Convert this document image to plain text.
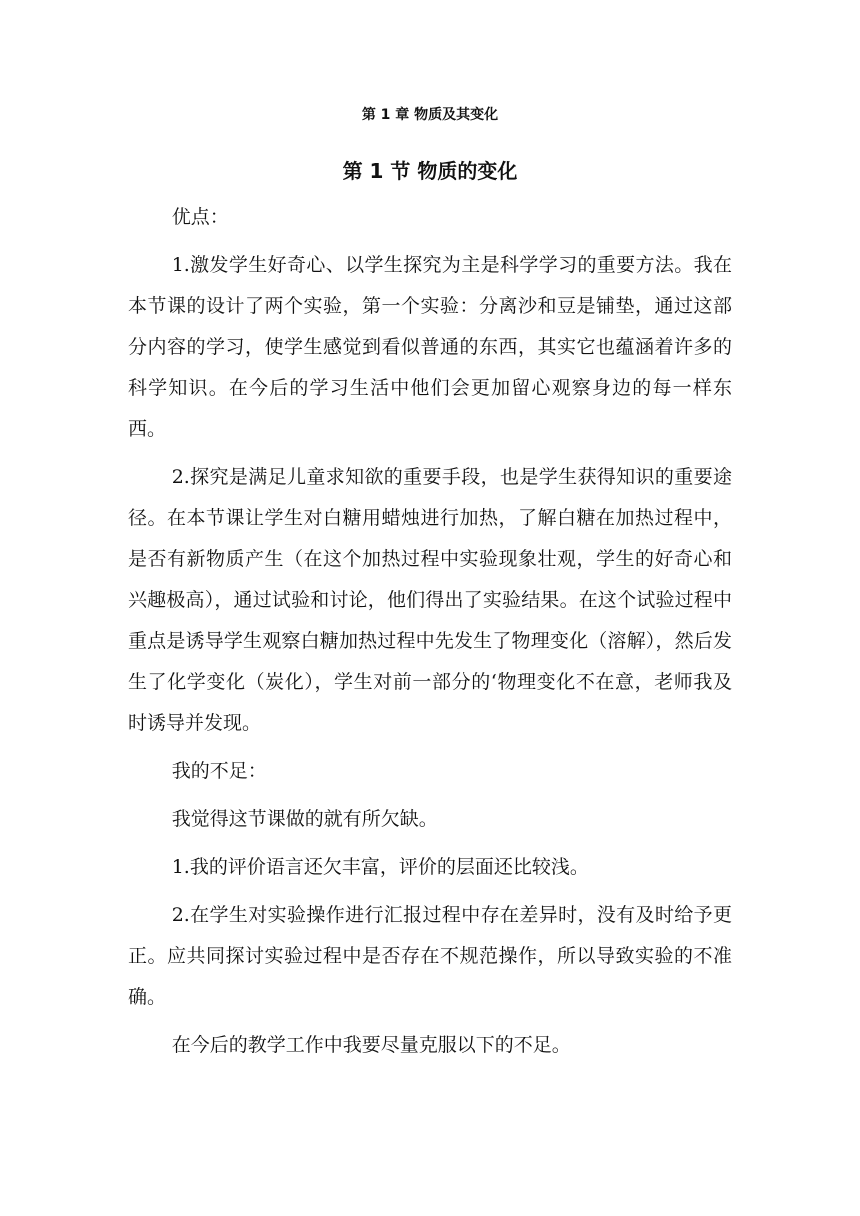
第 1 章 物质及其变化
第 1 节 物质的变化

优点：

1.激发学生好奇心、以学生探究为主是科学学习的重要方法。我在本节课的设计了两个实验，第一个实验：分离沙和豆是铺垫，通过这部分内容的学习，使学生感觉到看似普通的东西，其实它也蕴涵着许多的科学知识。在今后的学习生活中他们会更加留心观察身边的每一样东西。

2.探究是满足儿童求知欲的重要手段，也是学生获得知识的重要途径。在本节课让学生对白糖用蜡烛进行加热，了解白糖在加热过程中，是否有新物质产生（在这个加热过程中实验现象壮观，学生的好奇心和兴趣极高），通过试验和讨论，他们得出了实验结果。在这个试验过程中重点是诱导学生观察白糖加热过程中先发生了物理变化（溶解），然后发生了化学变化（炭化），学生对前一部分的‘物理变化不在意，老师我及时诱导并发现。

我的不足：

我觉得这节课做的就有所欠缺。

1.我的评价语言还欠丰富，评价的层面还比较浅。

2.在学生对实验操作进行汇报过程中存在差异时，没有及时给予更正。应共同探讨实验过程中是否存在不规范操作，所以导致实验的不准确。

在今后的教学工作中我要尽量克服以下的不足。
